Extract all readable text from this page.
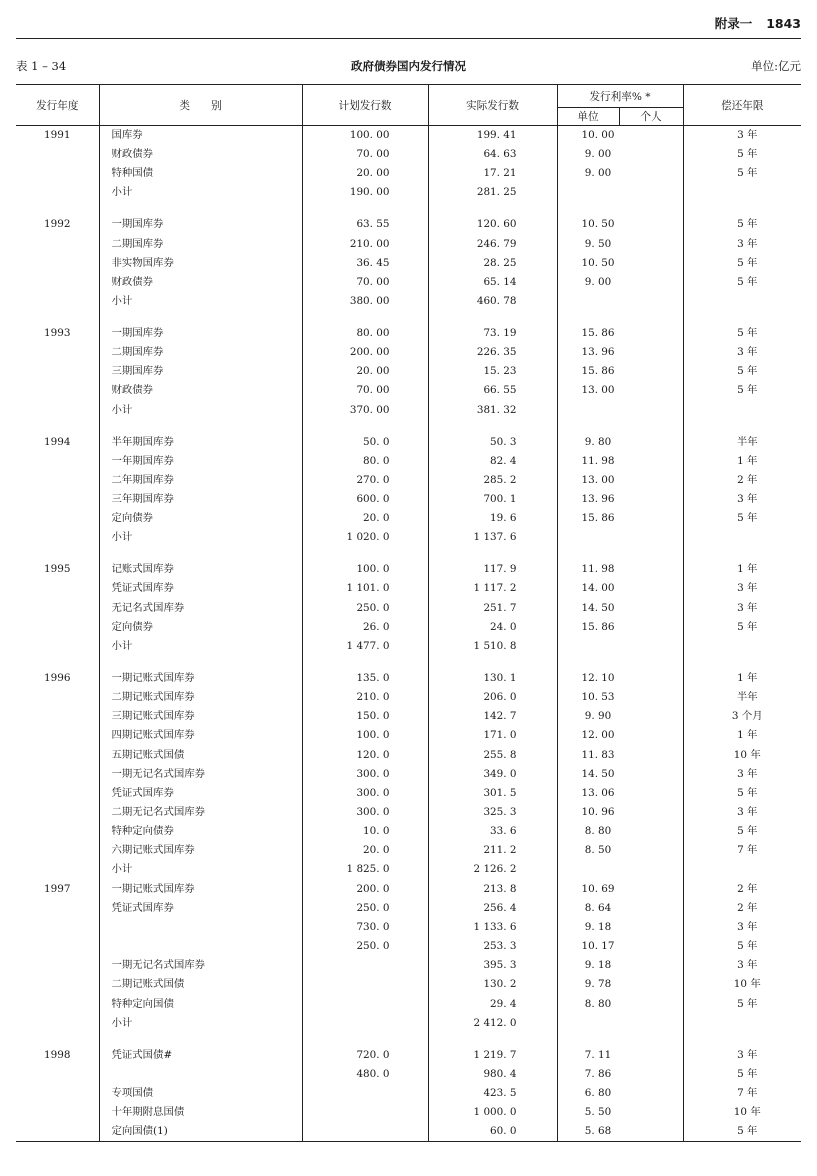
附录一 1843
表 1 – 34	政府债券国内发行情况	单位:亿元
发行年度	类　　别	计划发行数	实际发行数	发行利率% *		偿还年限
				单位	个人	
1991	国库券	100. 00	199. 41	10. 00		3 年
	财政债券	70. 00	64. 63	9. 00		5 年
	特种国债	20. 00	17. 21	9. 00		5 年
	小计	190. 00	281. 25			

1992	一期国库券	63. 55	120. 60	10. 50		5 年
	二期国库券	210. 00	246. 79	9. 50		3 年
	非实物国库券	36. 45	28. 25	10. 50		5 年
	财政债券	70. 00	65. 14	9. 00		5 年
	小计	380. 00	460. 78			

1993	一期国库券	80. 00	73. 19	15. 86		5 年
	二期国库券	200. 00	226. 35	13. 96		3 年
	三期国库券	20. 00	15. 23	15. 86		5 年
	财政债券	70. 00	66. 55	13. 00		5 年
	小计	370. 00	381. 32			

1994	半年期国库券	50. 0	50. 3	9. 80		半年
	一年期国库券	80. 0	82. 4	11. 98		1 年
	二年期国库券	270. 0	285. 2	13. 00		2 年
	三年期国库券	600. 0	700. 1	13. 96		3 年
	定向债券	20. 0	19. 6	15. 86		5 年
	小计	1 020. 0	1 137. 6			

1995	记账式国库券	100. 0	117. 9	11. 98		1 年
	凭证式国库券	1 101. 0	1 117. 2	14. 00		3 年
	无记名式国库券	250. 0	251. 7	14. 50		3 年
	定向债券	26. 0	24. 0	15. 86		5 年
	小计	1 477. 0	1 510. 8			

1996	一期记账式国库券	135. 0	130. 1	12. 10		1 年
	二期记账式国库券	210. 0	206. 0	10. 53		半年
	三期记账式国库券	150. 0	142. 7	9. 90		3 个月
	四期记账式国库券	100. 0	171. 0	12. 00		1 年
	五期记账式国债	120. 0	255. 8	11. 83		10 年
	一期无记名式国库券	300. 0	349. 0	14. 50		3 年
	凭证式国库券	300. 0	301. 5	13. 06		5 年
	二期无记名式国库券	300. 0	325. 3	10. 96		3 年
	特种定向债券	10. 0	33. 6	8. 80		5 年
	六期记账式国库券	20. 0	211. 2	8. 50		7 年
	小计	1 825. 0	2 126. 2			
1997	一期记账式国库券	200. 0	213. 8	10. 69		2 年
	凭证式国库券	250. 0	256. 4	8. 64		2 年
		730. 0	1 133. 6	9. 18		3 年
		250. 0	253. 3	10. 17		5 年
	一期无记名式国库券		395. 3	9. 18		3 年
	二期记账式国债		130. 2	9. 78		10 年
	特种定向国债		29. 4	8. 80		5 年
	小计		2 412. 0			

1998	凭证式国债#	720. 0	1 219. 7	7. 11		3 年
		480. 0	980. 4	7. 86		5 年
	专项国债		423. 5	6. 80		7 年
	十年期附息国债		1 000. 0	5. 50		10 年
	定向国债(1)		60. 0	5. 68		5 年
